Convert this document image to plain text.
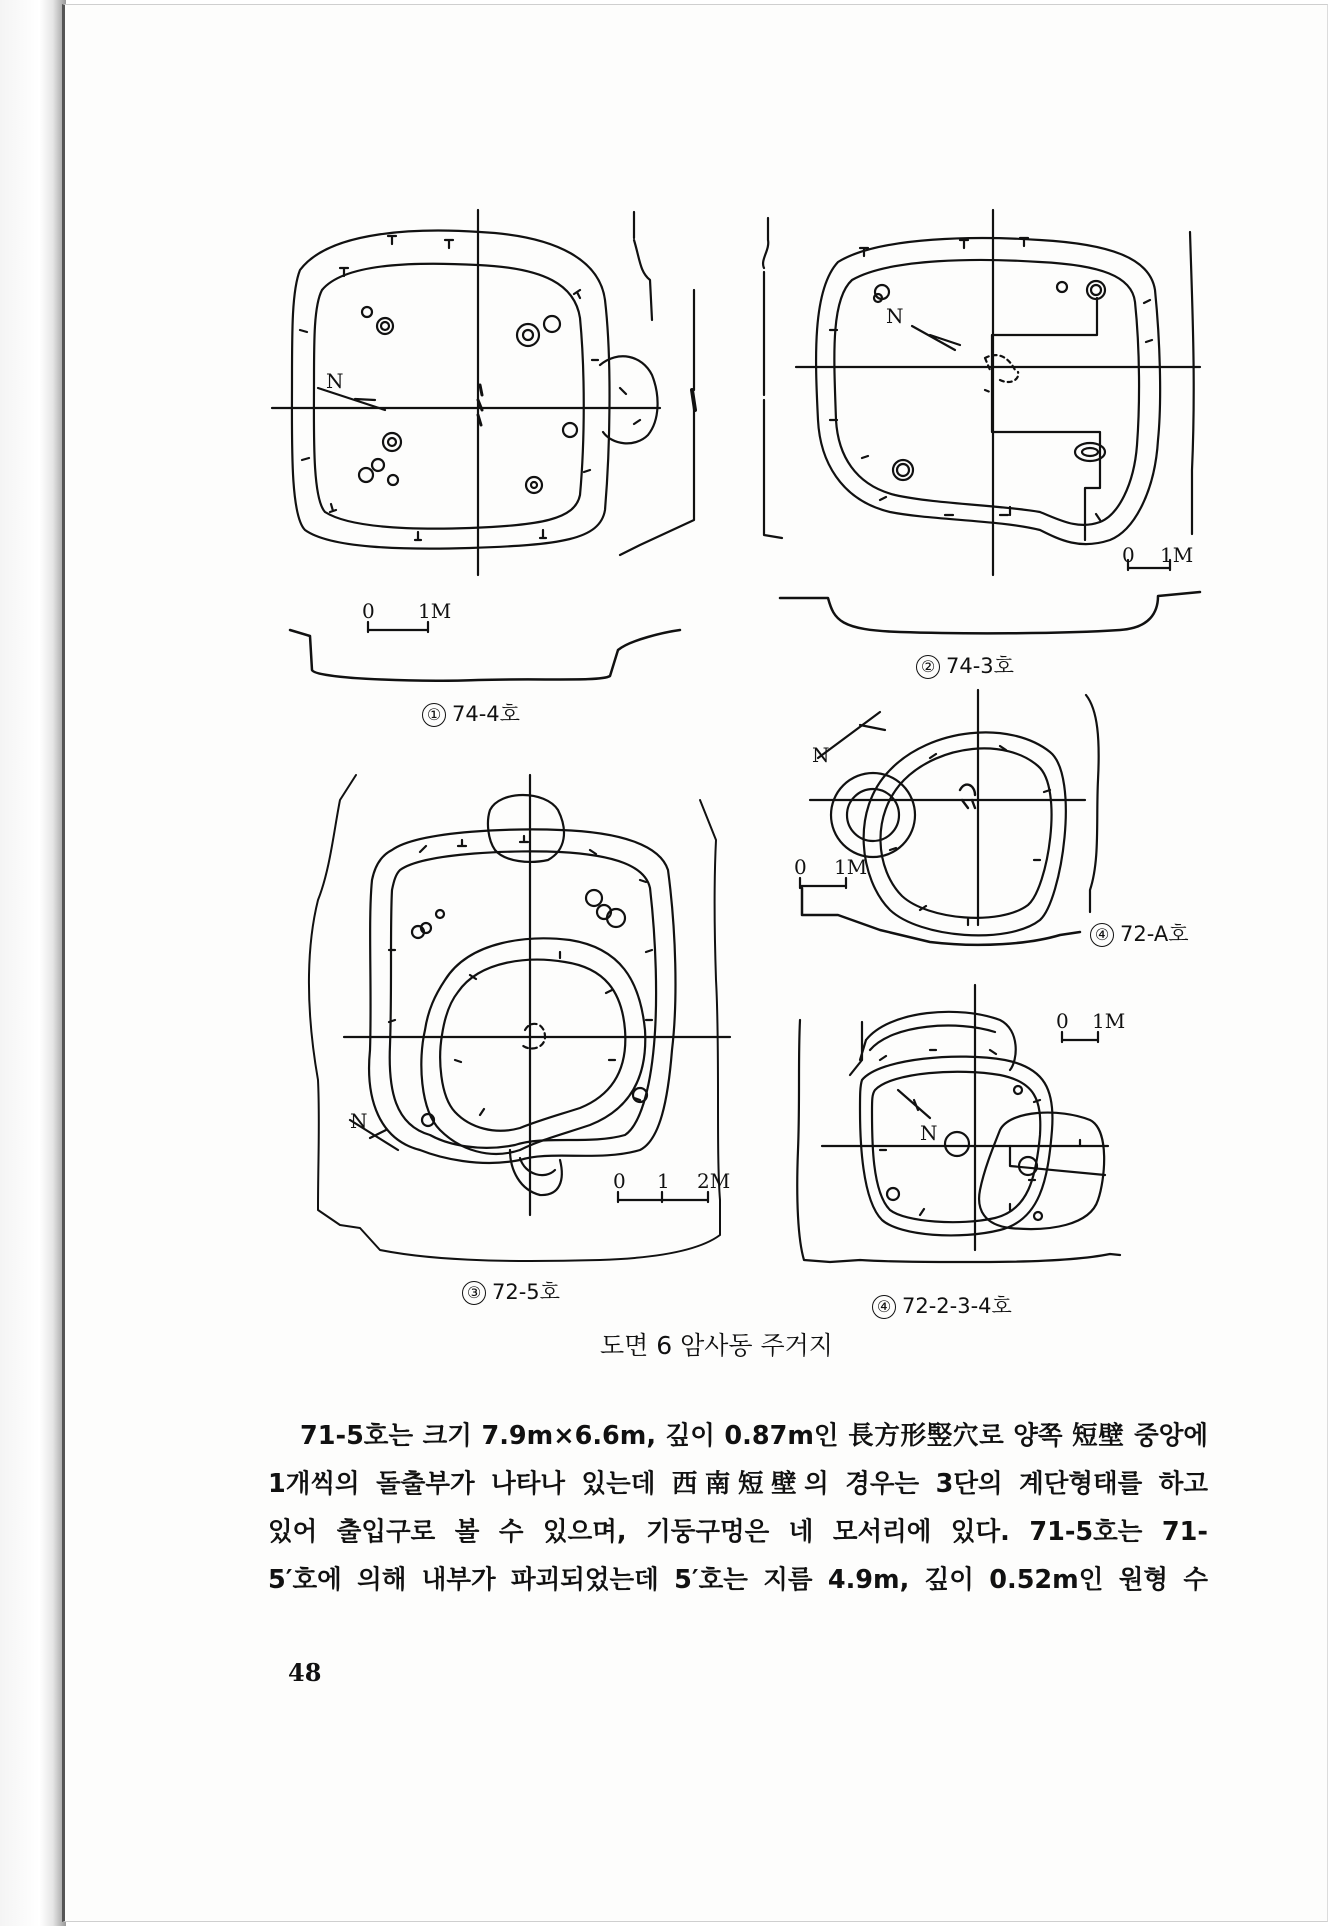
N
N
N
N
N
0 1M
0 1M
0 1 2M
0 1M
0 1M
① 74-4호
② 74-3호
③ 72-5호
④ 72-A호
④ 72-2-3-4호
도면 6 암사동 주거지
71-5호는 크기 7.9m×6.6m, 깊이 0.87m인 長方形竪穴로 양쪽 短壁 중앙에
1개씩의 돌출부가 나타나 있는데 西南短壁의 경우는 3단의 계단형태를 하고
있어 출입구로 볼 수 있으며, 기둥구멍은 네 모서리에 있다. 71-5호는 71-
5′호에 의해 내부가 파괴되었는데 5′호는 지름 4.9m, 깊이 0.52m인 원형 수
48
